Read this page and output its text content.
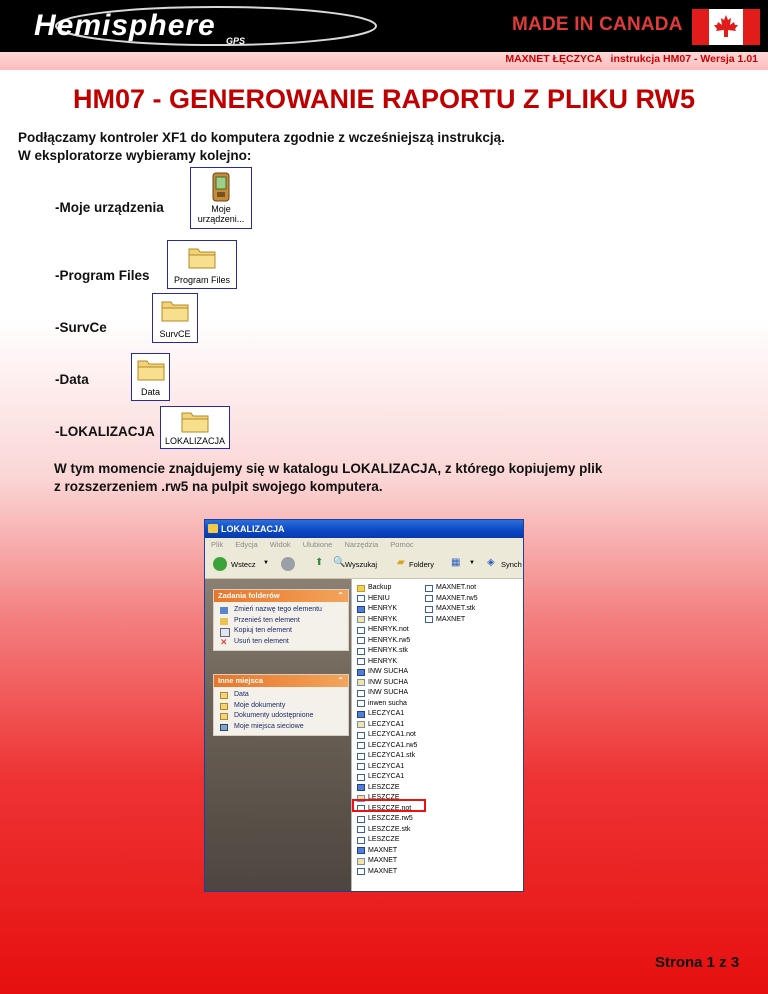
Hemisphere GPS
MADE IN CANADA
MAXNET ŁĘCZYCA   instrukcja HM07 - Wersja 1.01
HM07 - GENEROWANIE RAPORTU Z PLIKU RW5
Podłączamy kontroler XF1 do komputera zgodnie z wcześniejszą instrukcją.
W eksploratorze wybieramy kolejno:
-Moje urządzenia	Moje urządzeni...
-Program Files	Program Files
-SurvCe	SurvCE
-Data
Data
-LOKALIZACJA
LOKALIZACJA
W tym momencie znajdujemy się w katalogu LOKALIZACJA, z którego kopiujemy plik
z rozszerzeniem .rw5 na pulpit swojego komputera.
LOKALIZACJA
Plik Edycja Widok Ulubione Narzędzia Pomoc
Wstecz ▼	⬆ 🔍 Wyszukaj ▰ Foldery ▦ ▼ ◈ Synch
Zadania folderów	⌃
Zmień nazwę tego elementu
Przenieś ten element
Kopiuj ten element
✕ Usuń ten element
Inne miejsca	⌃
Data
Moje dokumenty
Dokumenty udostępnione
Moje miejsca sieciowe
Backup
HENIU
HENRYK
HENRYK
HENRYK.not
HENRYK.rw5
HENRYK.stk
HENRYK
INW SUCHA
INW SUCHA
INW SUCHA
inwen sucha
LECZYCA1
LECZYCA1
LECZYCA1.not
LECZYCA1.rw5
LECZYCA1.stk
LECZYCA1
LECZYCA1
LESZCZE
LESZCZE
LESZCZE.not
LESZCZE.rw5
LESZCZE.stk
LESZCZE
MAXNET
MAXNET
MAXNET
MAXNET.not
MAXNET.rw5
MAXNET.stk
MAXNET
Strona 1 z 3
